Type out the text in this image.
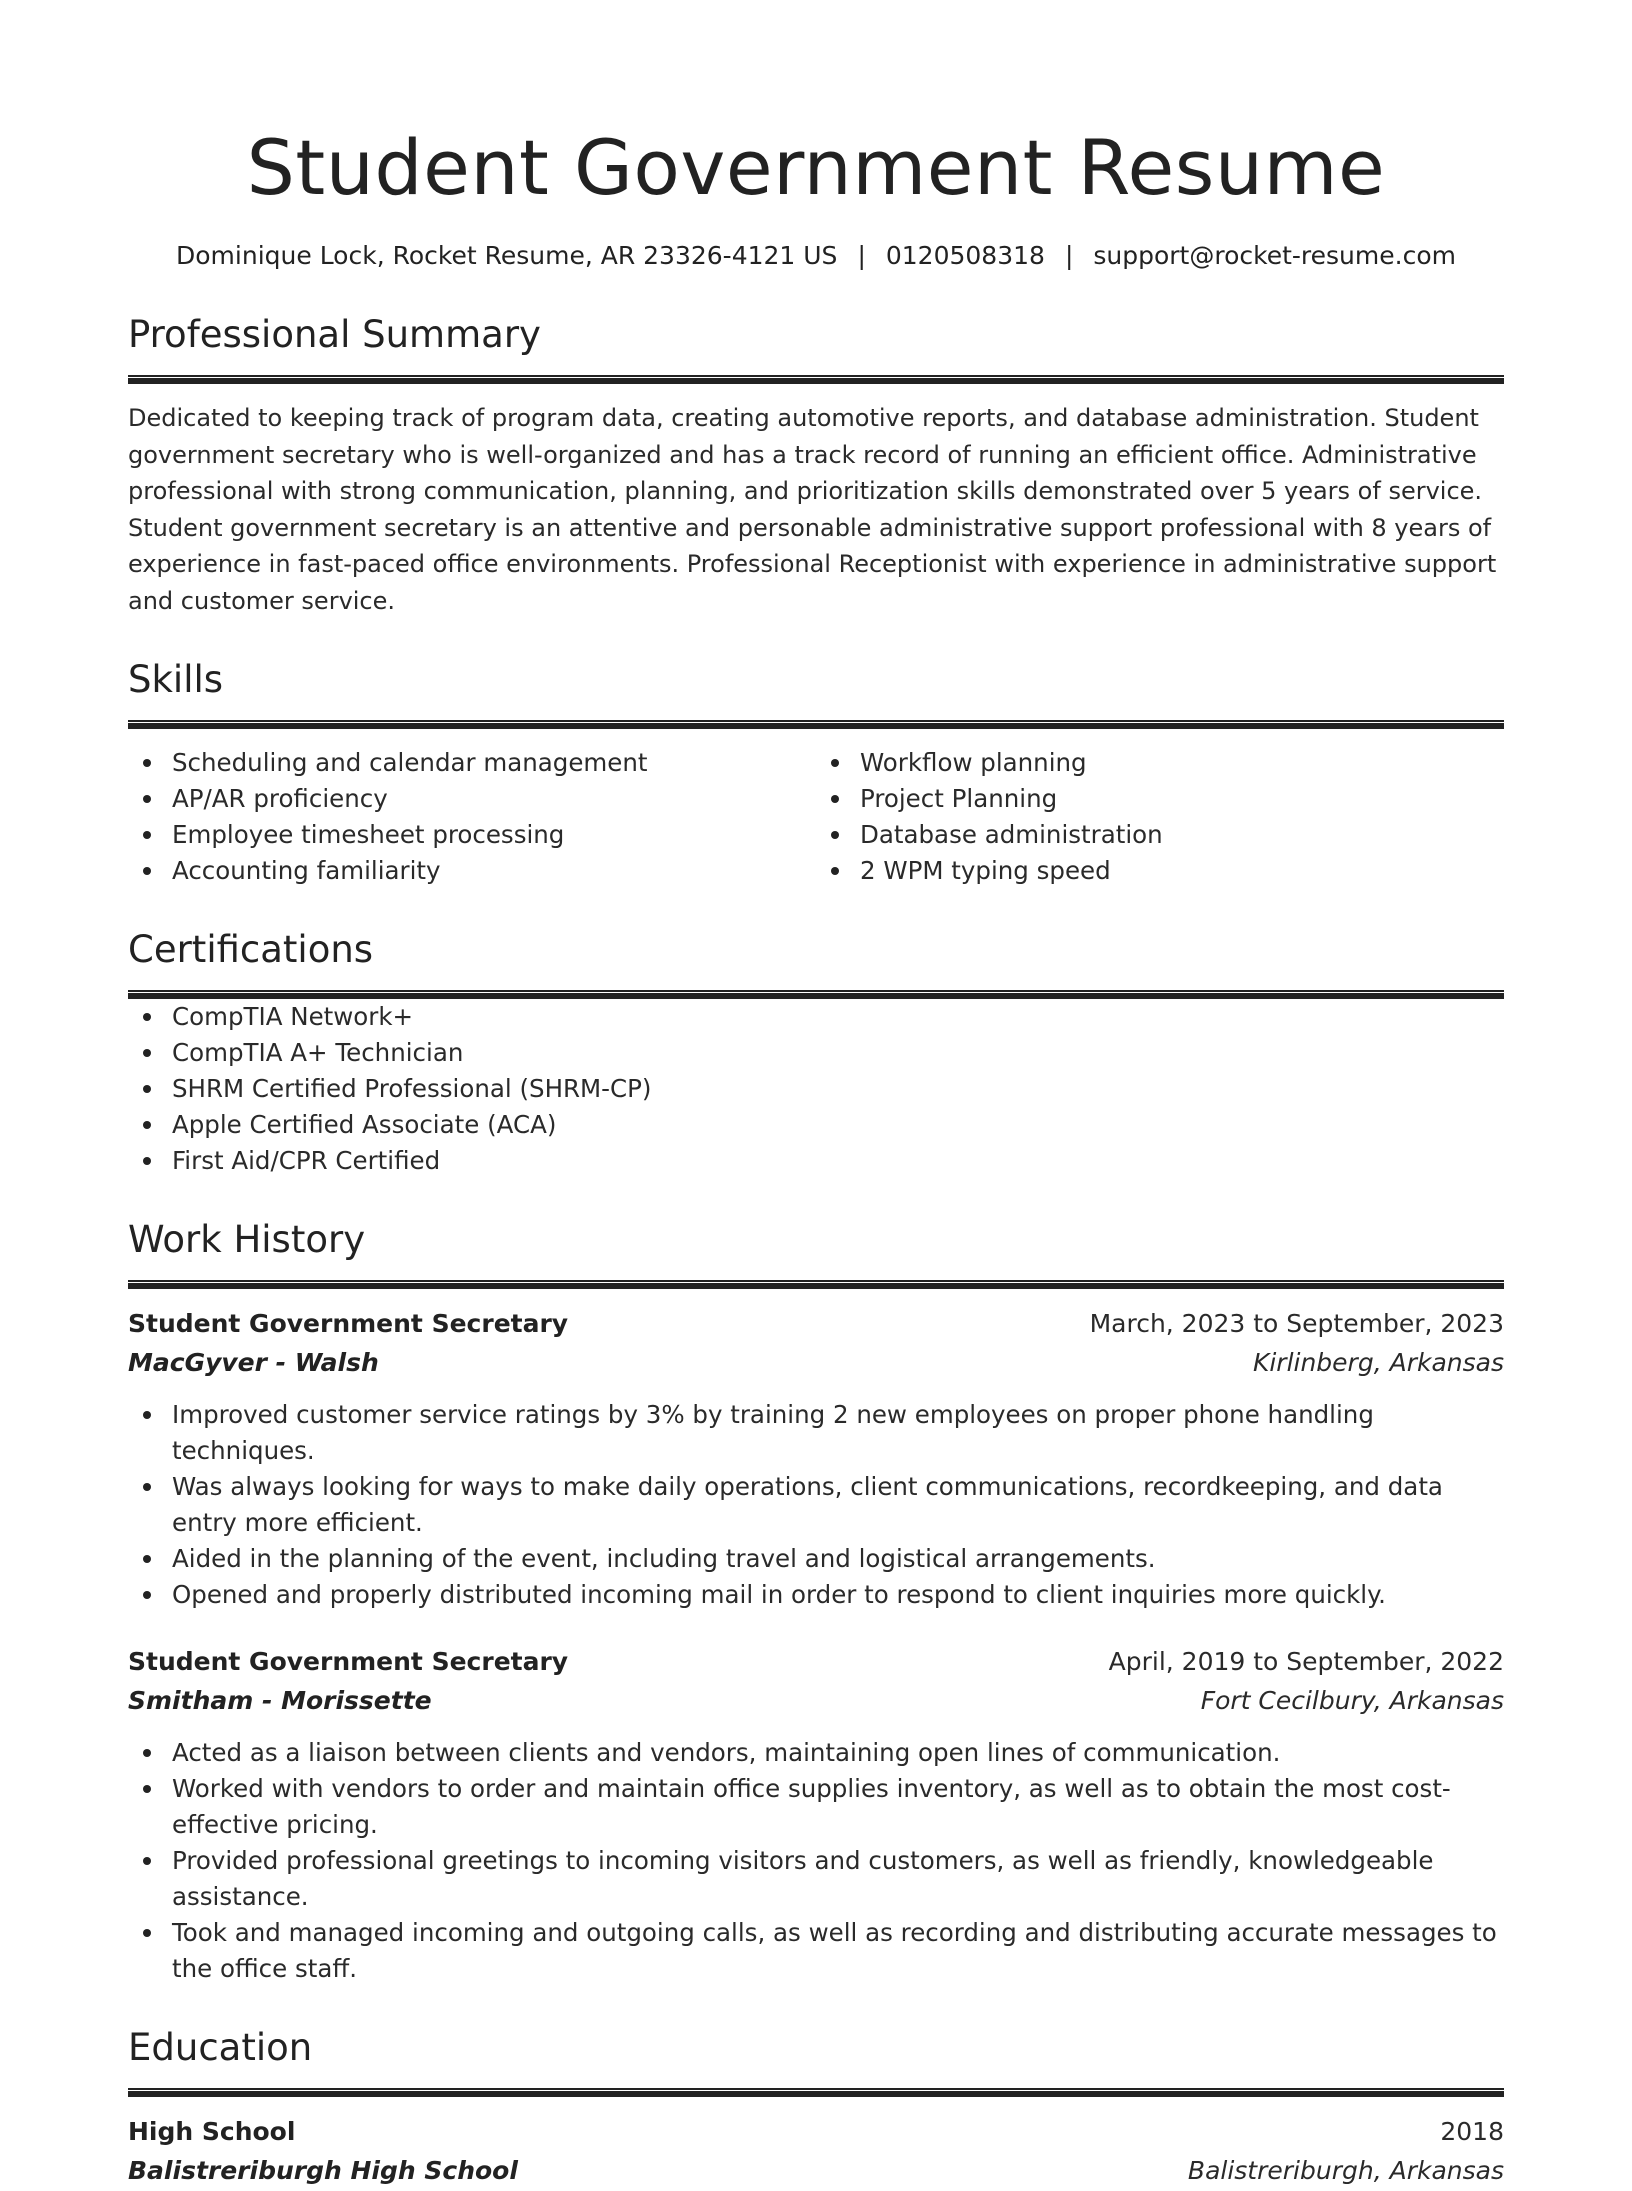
Student Government Resume
Dominique Lock, Rocket Resume, AR 23326-4121 US | 0120508318 | support@rocket-resume.com
Professional Summary

Dedicated to keeping track of program data, creating automotive reports, and database administration. Student government secretary who is well-organized and has a track record of running an efficient office. Administrative professional with strong communication, planning, and prioritization skills demonstrated over 5 years of service. Student government secretary is an attentive and personable administrative support professional with 8 years of experience in fast-paced office environments. Professional Receptionist with experience in administrative support and customer service.

Skills
Scheduling and calendar management
AP/AR proficiency
Employee timesheet processing
Accounting familiarity
Workflow planning
Project Planning
Database administration
2 WPM typing speed
Certifications
CompTIA Network+
CompTIA A+ Technician
SHRM Certified Professional (SHRM-CP)
Apple Certified Associate (ACA)
First Aid/CPR Certified
Work History
Student Government Secretary	March, 2023 to September, 2023
MacGyver - Walsh	Kirlinberg, Arkansas
Improved customer service ratings by 3% by training 2 new employees on proper phone handling techniques.
Was always looking for ways to make daily operations, client communications, recordkeeping, and data entry more efficient.
Aided in the planning of the event, including travel and logistical arrangements.
Opened and properly distributed incoming mail in order to respond to client inquiries more quickly.
Student Government Secretary	April, 2019 to September, 2022
Smitham - Morissette	Fort Cecilbury, Arkansas
Acted as a liaison between clients and vendors, maintaining open lines of communication.
Worked with vendors to order and maintain office supplies inventory, as well as to obtain the most cost-effective pricing.
Provided professional greetings to incoming visitors and customers, as well as friendly, knowledgeable assistance.
Took and managed incoming and outgoing calls, as well as recording and distributing accurate messages to the office staff.
Education
High School	2018
Balistreriburgh High School	Balistreriburgh, Arkansas
